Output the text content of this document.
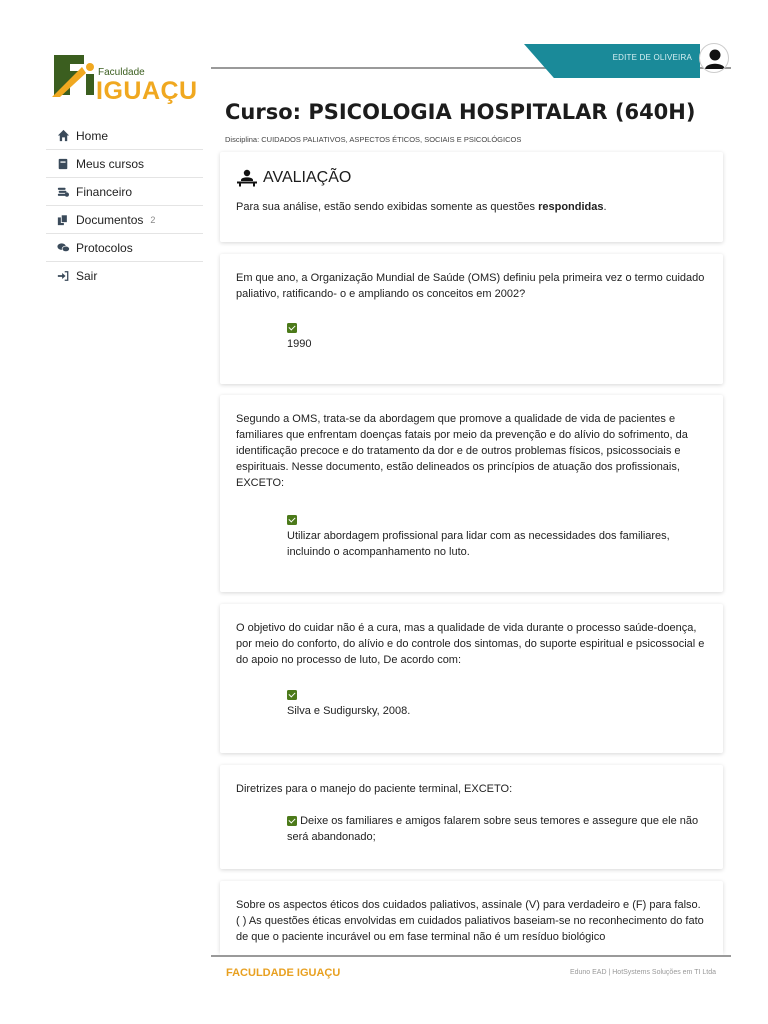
Faculdade
IGUAÇU
EDITE DE OLIVEIRA
Home
Meus cursos
Financeiro
Documentos 2
Protocolos
Sair
Curso: PSICOLOGIA HOSPITALAR (640H)
Disciplina: CUIDADOS PALIATIVOS, ASPECTOS ÉTICOS, SOCIAIS E PSICOLÓGICOS
AVALIAÇÃO
Para sua análise, estão sendo exibidas somente as questões respondidas.
Em que ano, a Organização Mundial de Saúde (OMS) definiu pela primeira vez o termo cuidado paliativo, ratificando- o e ampliando os conceitos em 2002?

1990
Segundo a OMS, trata-se da abordagem que promove a qualidade de vida de pacientes e familiares que enfrentam doenças fatais por meio da prevenção e do alívio do sofrimento, da identificação precoce e do tratamento da dor e de outros problemas físicos, psicossociais e espirituais. Nesse documento, estão delineados os princípios de atuação dos profissionais, EXCETO:

Utilizar abordagem profissional para lidar com as necessidades dos familiares, incluindo o acompanhamento no luto.
O objetivo do cuidar não é a cura, mas a qualidade de vida durante o processo saúde-doença, por meio do conforto, do alívio e do controle dos sintomas, do suporte espiritual e psicossocial e do apoio no processo de luto, De acordo com:

Silva e Sudigursky, 2008.
Diretrizes para o manejo do paciente terminal, EXCETO:
Deixe os familiares e amigos falarem sobre seus temores e assegure que ele não será abandonado;
Sobre os aspectos éticos dos cuidados paliativos, assinale (V) para verdadeiro e (F) para falso.
( ) As questões éticas envolvidas em cuidados paliativos baseiam-se no reconhecimento do fato de que o paciente incurável ou em fase terminal não é um resíduo biológico
FACULDADE IGUAÇU	Eduno EAD | HotSystems Soluções em TI Ltda
